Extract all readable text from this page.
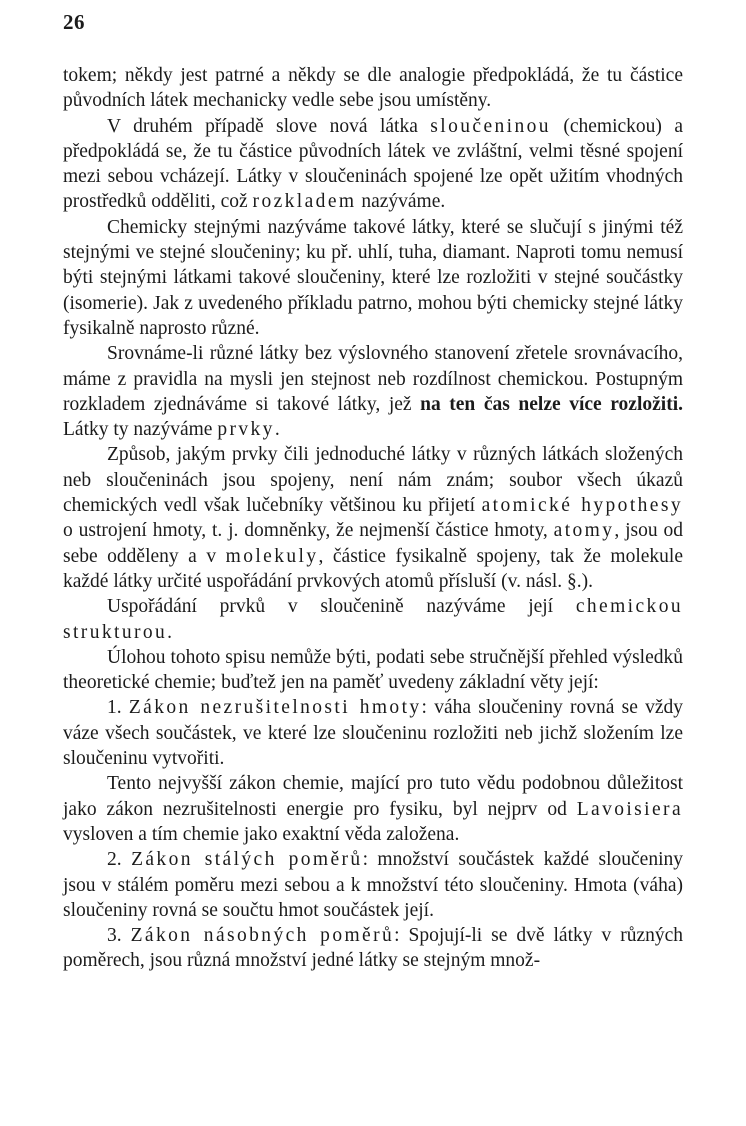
26

tokem; někdy jest patrné a někdy se dle analogie předpokládá, že tu částice původních látek mechanicky vedle sebe jsou umístěny.

V druhém případě slove nová látka sloučeninou (chemickou) a předpokládá se, že tu částice původních látek ve zvláštní, velmi těsné spojení mezi sebou vcházejí. Látky v sloučeninách spojené lze opět užitím vhodných prostředků odděliti, což rozkladem nazýváme.

Chemicky stejnými nazýváme takové látky, které se slučují s jinými též stejnými ve stejné sloučeniny; ku př. uhlí, tuha, diamant. Naproti tomu nemusí býti stejnými látkami takové sloučeniny, které lze rozložiti v stejné součástky (isomerie). Jak z uvedeného příkladu patrno, mohou býti chemicky stejné látky fysikalně naprosto různé.

Srovnáme-li různé látky bez výslovného stanovení zřetele srovnávacího, máme z pravidla na mysli jen stejnost neb rozdílnost chemickou. Postupným rozkladem zjednáváme si takové látky, jež na ten čas nelze více rozložiti. Látky ty nazýváme prvky.

Způsob, jakým prvky čili jednoduché látky v různých látkách složených neb sloučeninách jsou spojeny, není nám znám; soubor všech úkazů chemických vedl však lučebníky většinou ku přijetí atomické hypothesy o ustrojení hmoty, t. j. domněnky, že nejmenší částice hmoty, atomy, jsou od sebe odděleny a v molekuly, částice fysikalně spojeny, tak že molekule každé látky určité uspořádání prvkových atomů přísluší (v. násl. §.).

Uspořádání prvků v sloučenině nazýváme její chemickou strukturou.

Úlohou tohoto spisu nemůže býti, podati sebe stručnější přehled výsledků theoretické chemie; buďtež jen na paměť uvedeny základní věty její:

1. Zákon nezrušitelnosti hmoty: váha sloučeniny rovná se vždy váze všech součástek, ve které lze sloučeninu rozložiti neb jichž složením lze sloučeninu vytvořiti.

Tento nejvyšší zákon chemie, mající pro tuto vědu podobnou důležitost jako zákon nezrušitelnosti energie pro fysiku, byl nejprv od Lavoisiera vysloven a tím chemie jako exaktní věda založena.

2. Zákon stálých poměrů: množství součástek každé sloučeniny jsou v stálém poměru mezi sebou a k množství této sloučeniny. Hmota (váha) sloučeniny rovná se součtu hmot součástek její.

3. Zákon násobných poměrů: Spojují-li se dvě látky v různých poměrech, jsou různá množství jedné látky se stejným množ-
